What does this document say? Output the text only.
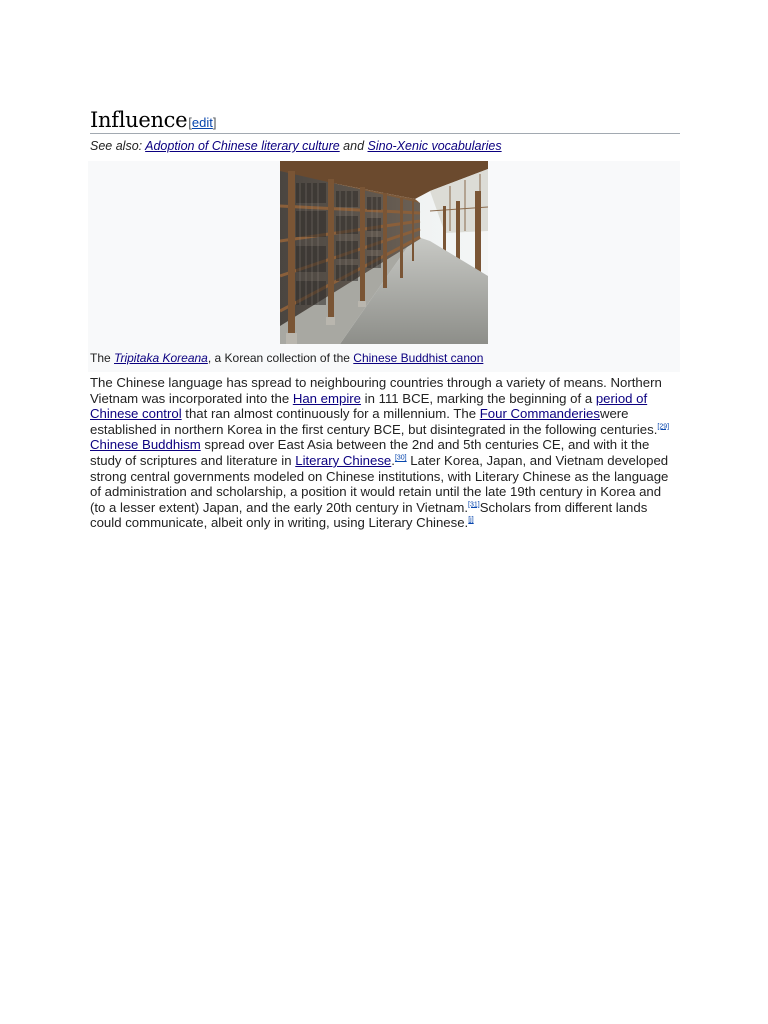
Influence [edit]
See also: Adoption of Chinese literary culture and Sino-Xenic vocabularies
The Tripitaka Koreana, a Korean collection of the Chinese Buddhist canon
The Chinese language has spread to neighbouring countries through a variety of means. Northern Vietnam was incorporated into the Han empire in 111 BCE, marking the beginning of a period of Chinese control that ran almost continuously for a millennium. The Four Commanderieswere established in northern Korea in the first century BCE, but disintegrated in the following centuries.[29] Chinese Buddhism spread over East Asia between the 2nd and 5th centuries CE, and with it the study of scriptures and literature in Literary Chinese.[30] Later Korea, Japan, and Vietnam developed strong central governments modeled on Chinese institutions, with Literary Chinese as the language of administration and scholarship, a position it would retain until the late 19th century in Korea and (to a lesser extent) Japan, and the early 20th century in Vietnam.[31]Scholars from different lands could communicate, albeit only in writing, using Literary Chinese.[j]
